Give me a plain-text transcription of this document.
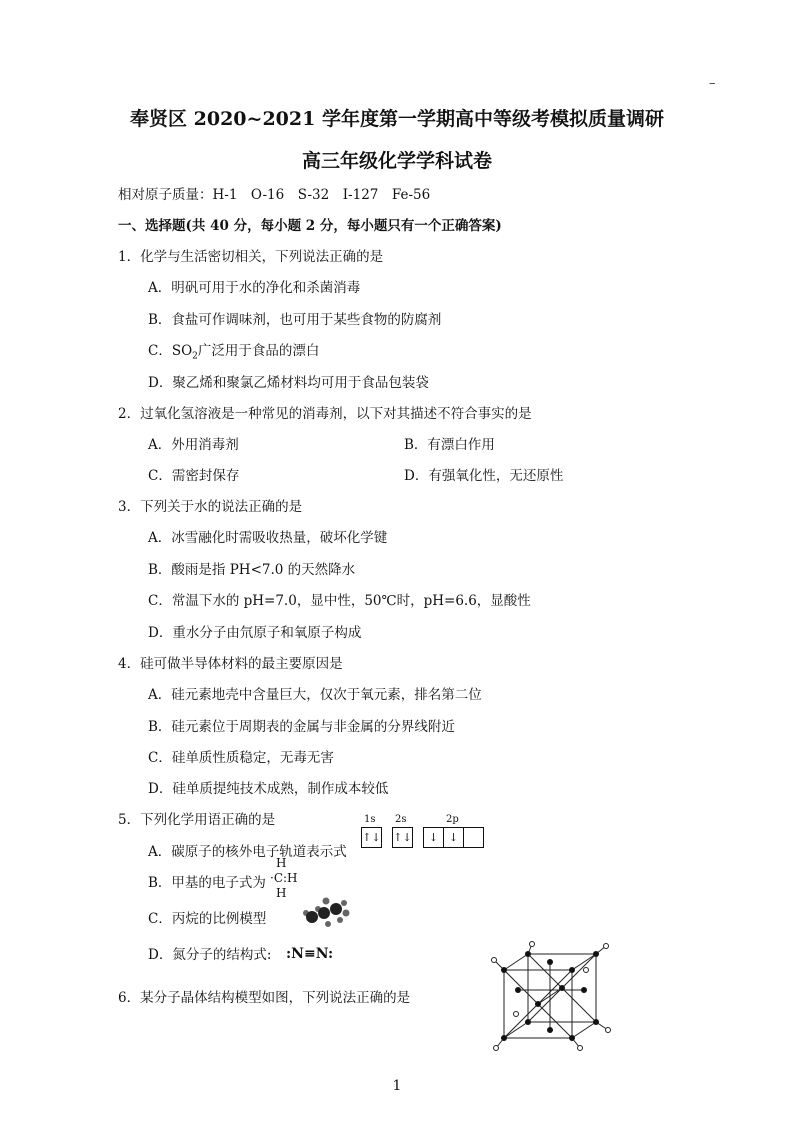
–
奉贤区 2020~2021 学年度第一学期高中等级考模拟质量调研
高三年级化学学科试卷
相对原子质量：H-1　O-16　S-32　I-127　Fe-56
一、选择题(共 40 分，每小题 2 分，每小题只有一个正确答案)
1．化学与生活密切相关，下列说法正确的是
A．明矾可用于水的净化和杀菌消毒
B．食盐可作调味剂，也可用于某些食物的防腐剂
C．$SO_2$广泛用于食品的漂白
D．聚乙烯和聚氯乙烯材料均可用于食品包装袋
2．过氧化氢溶液是一种常见的消毒剂，以下对其描述不符合事实的是
A．外用消毒剂	B．有漂白作用
C．需密封保存	D．有强氧化性，无还原性
3．下列关于水的说法正确的是
A．冰雪融化时需吸收热量，破坏化学键
B．酸雨是指 PH<7.0 的天然降水
C．常温下水的 pH=7.0，显中性，50℃时，pH=6.6，显酸性
D．重水分子由氘原子和氧原子构成
4．硅可做半导体材料的最主要原因是
A．硅元素地壳中含量巨大，仅次于氧元素，排名第二位
B．硅元素位于周期表的金属与非金属的分界线附近
C．硅单质性质稳定，无毒无害
D．硅单质提纯技术成熟，制作成本较低
5．下列化学用语正确的是
A．碳原子的核外电子轨道表示式
1s 2s	2p
↑↓ ↑↓	↓ ↓
B．甲基的电子式为
H
·C:H
H
C．丙烷的比例模型
D．氮分子的结构式: :N≡N:
6．某分子晶体结构模型如图，下列说法正确的是
1
